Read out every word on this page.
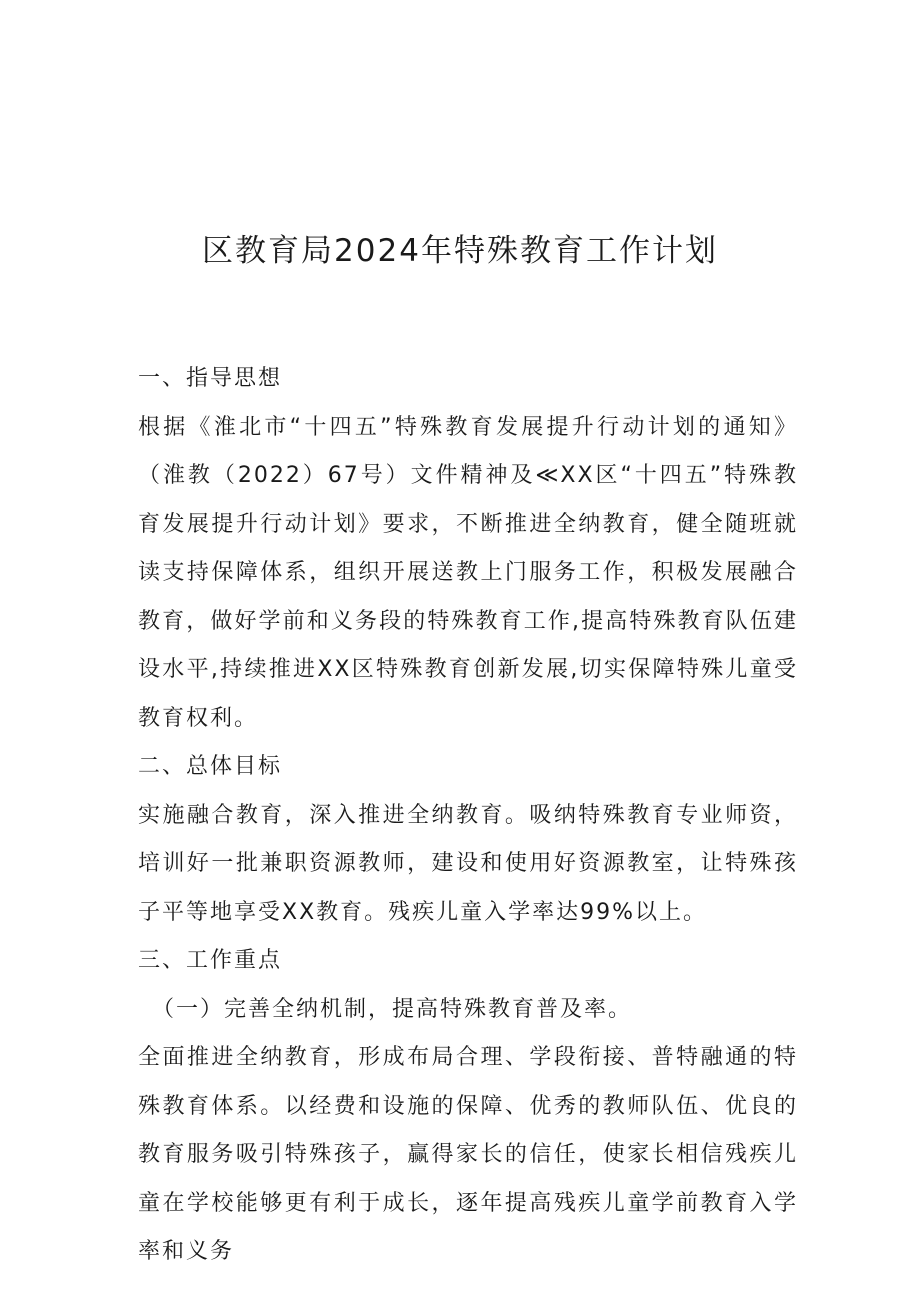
区教育局2024年特殊教育工作计划

一、指导思想

根据《淮北市“十四五”特殊教育发展提升行动计划的通知》（淮教（2022）67号）文件精神及≪XX区“十四五”特殊教育发展提升行动计划》要求，不断推进全纳教育，健全随班就读支持保障体系，组织开展送教上门服务工作，积极发展融合教育，做好学前和义务段的特殊教育工作,提高特殊教育队伍建设水平,持续推进XX区特殊教育创新发展,切实保障特殊儿童受教育权利。

二、总体目标

实施融合教育，深入推进全纳教育。吸纳特殊教育专业师资，培训好一批兼职资源教师，建设和使用好资源教室，让特殊孩子平等地享受XX教育。残疾儿童入学率达99%以上。

三、工作重点

（一）完善全纳机制，提高特殊教育普及率。

全面推进全纳教育，形成布局合理、学段衔接、普特融通的特殊教育体系。以经费和设施的保障、优秀的教师队伍、优良的教育服务吸引特殊孩子，赢得家长的信任，使家长相信残疾儿童在学校能够更有利于成长，逐年提高残疾儿童学前教育入学率和义务
